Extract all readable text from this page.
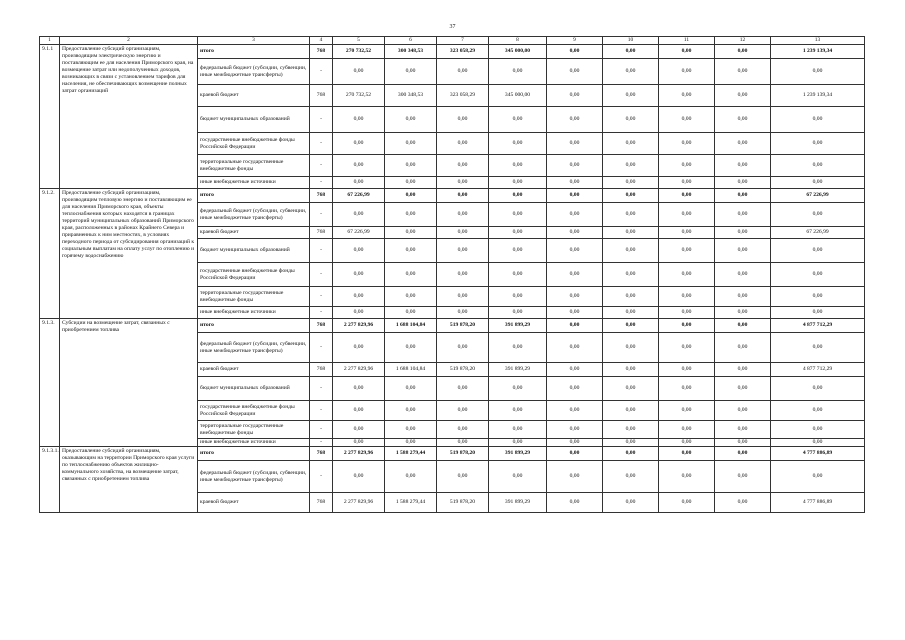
37
1	2	3	4	5	6	7	8	9	10	11	12	13
9.1.1	Предоставление субсидий организациям, производящим электрическую энергию и поставляющим ее для населения Приморского края, на возмещение затрат или недополученных доходов, возникающих в связи с установлением тарифов для населения, не обеспечивающих возмещение полных затрат организаций	итого	768	270 732,52	300 348,53	323 058,29	345 000,00	0,00	0,00	0,00	0,00	1 239 139,34
		федеральный бюджет (субсидии, субвенции, иные межбюджетные трансферты)	-	0,00	0,00	0,00	0,00	0,00	0,00	0,00	0,00	0,00
		краевой бюджет	768	270 732,52	300 348,53	323 058,29	345 000,00	0,00	0,00	0,00	0,00	1 239 139,34
		бюджет муниципальных образований	-	0,00	0,00	0,00	0,00	0,00	0,00	0,00	0,00	0,00
		государственные внебюджетные фонды Российской Федерации	-	0,00	0,00	0,00	0,00	0,00	0,00	0,00	0,00	0,00
		территориальные государственные внебюджетные фонды	-	0,00	0,00	0,00	0,00	0,00	0,00	0,00	0,00	0,00
		иные внебюджетные источники	-	0,00	0,00	0,00	0,00	0,00	0,00	0,00	0,00	0,00
9.1.2.	Предоставление субсидий организациям, производящим тепловую энергию и поставляющим ее для населения Приморского края, объекты теплоснабжения которых находятся в границах территорий муниципальных образований Приморского края, расположенных в районах Крайнего Севера и приравненных к ним местностях, в условиях переходного периода от субсидирования организаций к социальным выплатам на оплату услуг по отоплению и горячему водоснабжению	итого	768	67 226,99	0,00	0,00	0,00	0,00	0,00	0,00	0,00	67 226,99
		федеральный бюджет (субсидии, субвенции, иные межбюджетные трансферты)	-	0,00	0,00	0,00	0,00	0,00	0,00	0,00	0,00	0,00
		краевой бюджет	768	67 226,99	0,00	0,00	0,00	0,00	0,00	0,00	0,00	67 226,99
		бюджет муниципальных образований	-	0,00	0,00	0,00	0,00	0,00	0,00	0,00	0,00	0,00
		государственные внебюджетные фонды Российской Федерации	-	0,00	0,00	0,00	0,00	0,00	0,00	0,00	0,00	0,00
		территориальные государственные внебюджетные фонды	-	0,00	0,00	0,00	0,00	0,00	0,00	0,00	0,00	0,00
		иные внебюджетные источники	-	0,00	0,00	0,00	0,00	0,00	0,00	0,00	0,00	0,00
9.1.3.	Субсидии на возмещение затрат, связанных с приобретением топлива	итого	768	2 277 829,96	1 688 104,84	519 878,20	391 899,29	0,00	0,00	0,00	0,00	4 877 712,29
		федеральный бюджет (субсидии, субвенции, иные межбюджетные трансферты)	-	0,00	0,00	0,00	0,00	0,00	0,00	0,00	0,00	0,00
		краевой бюджет	768	2 277 829,96	1 688 104,84	519 878,20	391 899,29	0,00	0,00	0,00	0,00	4 877 712,29
		бюджет муниципальных образований	-	0,00	0,00	0,00	0,00	0,00	0,00	0,00	0,00	0,00
		государственные внебюджетные фонды Российской Федерации	-	0,00	0,00	0,00	0,00	0,00	0,00	0,00	0,00	0,00
		территориальные государственные внебюджетные фонды	-	0,00	0,00	0,00	0,00	0,00	0,00	0,00	0,00	0,00
		иные внебюджетные источники	-	0,00	0,00	0,00	0,00	0,00	0,00	0,00	0,00	0,00
9.1.3.1.	Предоставление субсидий организациям, оказывающим на территории Приморского края услуги по теплоснабжению объектов жилищно-коммунального хозяйства, на возмещение затрат, связанных с приобретением топлива	итого	768	2 277 829,96	1 588 279,44	519 878,20	391 899,29	0,00	0,00	0,00	0,00	4 777 886,89
		федеральный бюджет (субсидии, субвенции, иные межбюджетные трансферты)	-	0,00	0,00	0,00	0,00	0,00	0,00	0,00	0,00	0,00
		краевой бюджет	768	2 277 829,96	1 588 279,44	519 878,20	391 899,29	0,00	0,00	0,00	0,00	4 777 886,89
